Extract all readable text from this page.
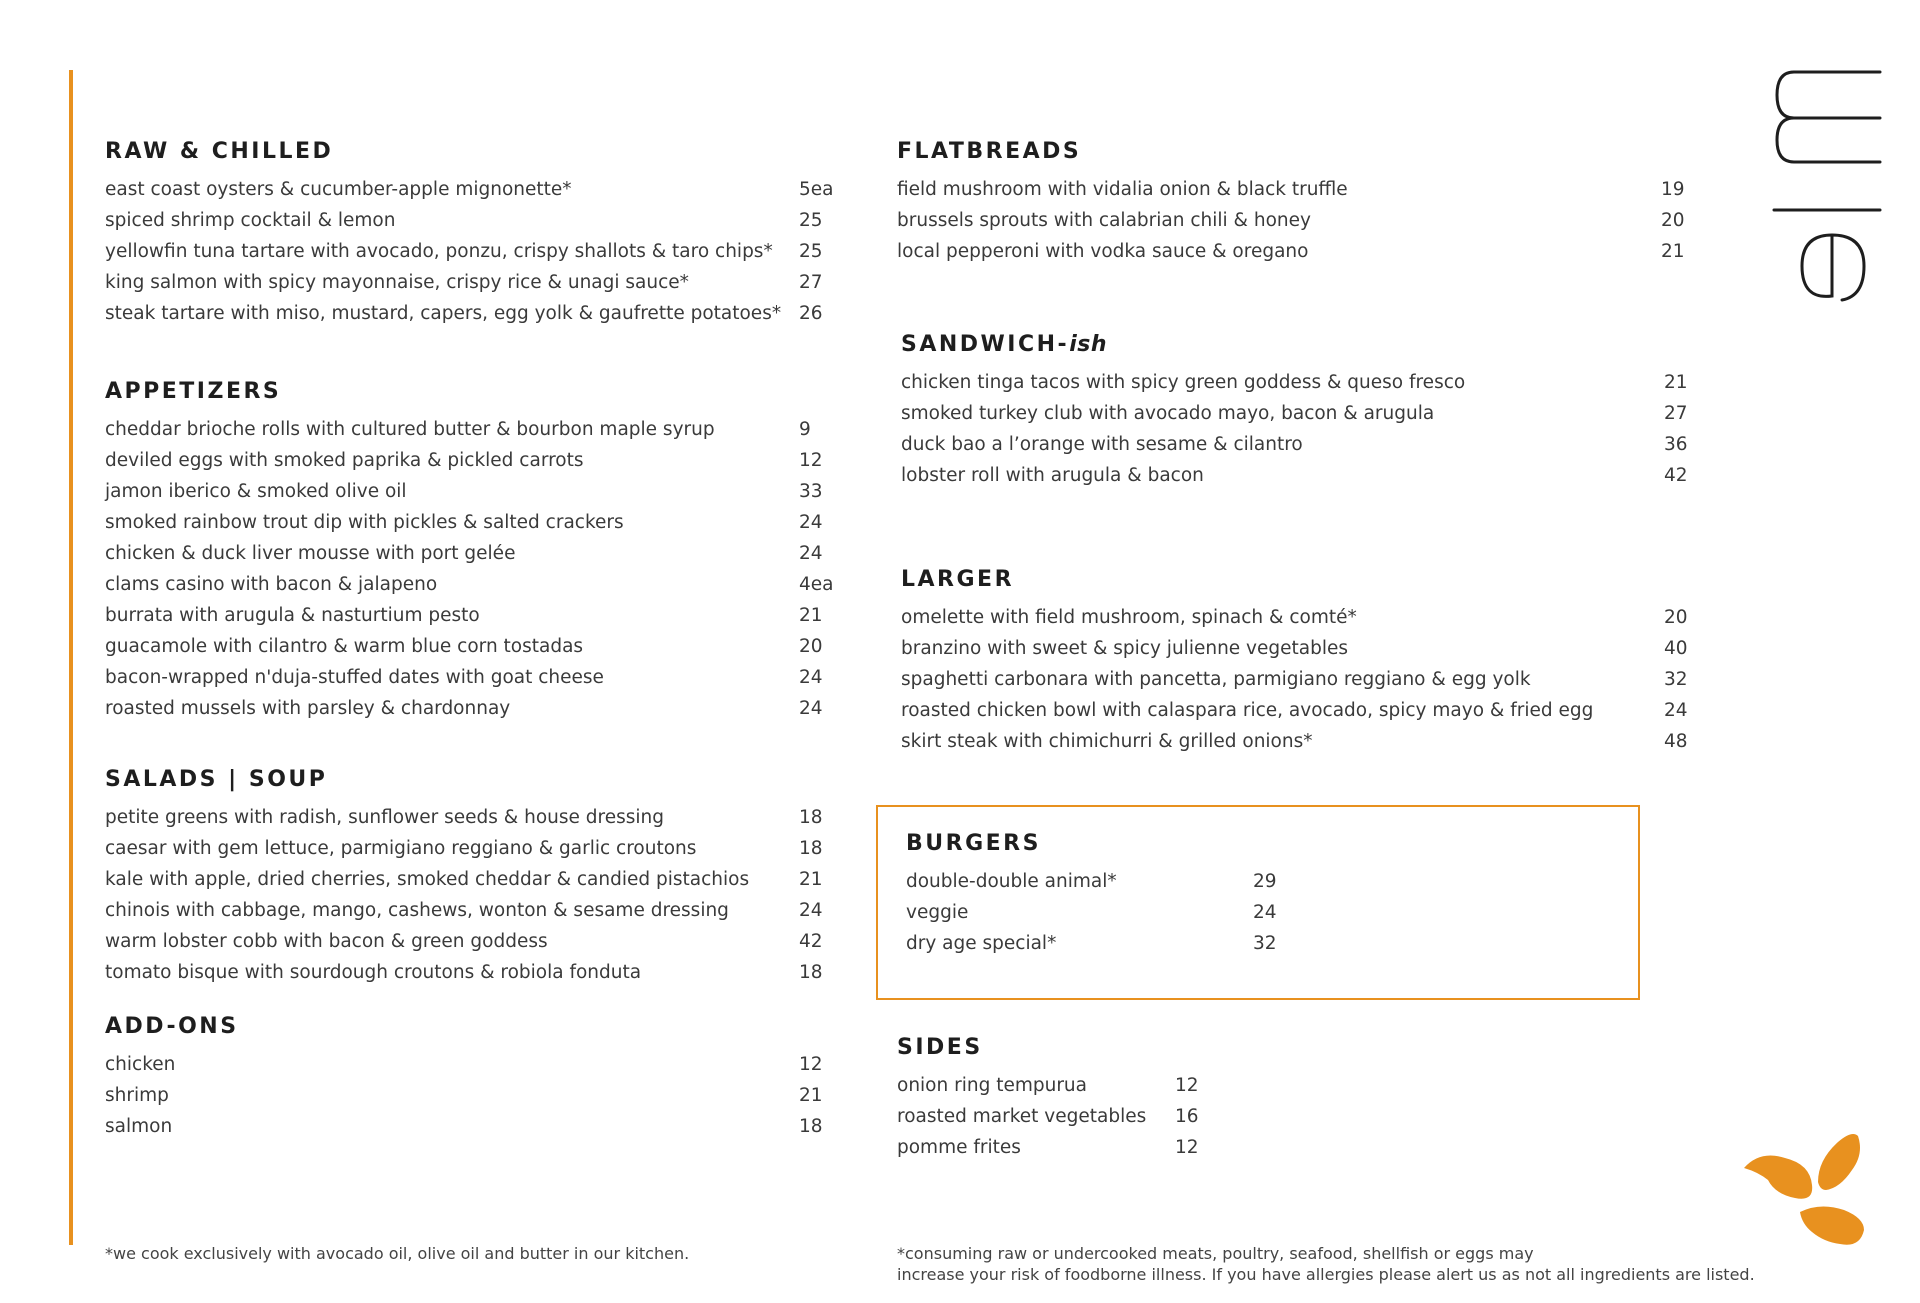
RAW & CHILLED
east coast oysters & cucumber-apple mignonette*	5ea
spiced shrimp cocktail & lemon	25
yellowfin tuna tartare with avocado, ponzu, crispy shallots & taro chips*	25
king salmon with spicy mayonnaise, crispy rice & unagi sauce*	27
steak tartare with miso, mustard, capers, egg yolk & gaufrette potatoes* 26
APPETIZERS
cheddar brioche rolls with cultured butter & bourbon maple syrup	9
deviled eggs with smoked paprika & pickled carrots	12
jamon iberico & smoked olive oil	33
smoked rainbow trout dip with pickles & salted crackers	24
chicken & duck liver mousse with port gelée	24
clams casino with bacon & jalapeno	4ea
burrata with arugula & nasturtium pesto	21
guacamole with cilantro & warm blue corn tostadas	20
bacon-wrapped n'duja-stuffed dates with goat cheese	24
roasted mussels with parsley & chardonnay	24
SALADS | SOUP
petite greens with radish, sunflower seeds & house dressing	18
caesar with gem lettuce, parmigiano reggiano & garlic croutons	18
kale with apple, dried cherries, smoked cheddar & candied pistachios	21
chinois with cabbage, mango, cashews, wonton & sesame dressing	24
warm lobster cobb with bacon & green goddess	42
tomato bisque with sourdough croutons & robiola fonduta	18
ADD-ONS
chicken	12
shrimp	21
salmon	18
FLATBREADS
field mushroom with vidalia onion & black truffle	19
brussels sprouts with calabrian chili & honey	20
local pepperoni with vodka sauce & oregano	21
SANDWICH-ish
chicken tinga tacos with spicy green goddess & queso fresco	21
smoked turkey club with avocado mayo, bacon & arugula	27
duck bao a l’orange with sesame & cilantro	36
lobster roll with arugula & bacon	42
LARGER
omelette with field mushroom, spinach & comté*	20
branzino with sweet & spicy julienne vegetables	40
spaghetti carbonara with pancetta, parmigiano reggiano & egg yolk	32
roasted chicken bowl with calaspara rice, avocado, spicy mayo & fried egg	24
skirt steak with chimichurri & grilled onions*	48
BURGERS
double-double animal*	29
veggie	24
dry age special*	32
SIDES
onion ring tempurua	12
roasted market vegetables	16
pomme frites	12
*we cook exclusively with avocado oil, olive oil and butter in our kitchen.	*consuming raw or undercooked meats, poultry, seafood, shellfish or eggs may
increase your risk of foodborne illness. If you have allergies please alert us as not all ingredients are listed.
elm
